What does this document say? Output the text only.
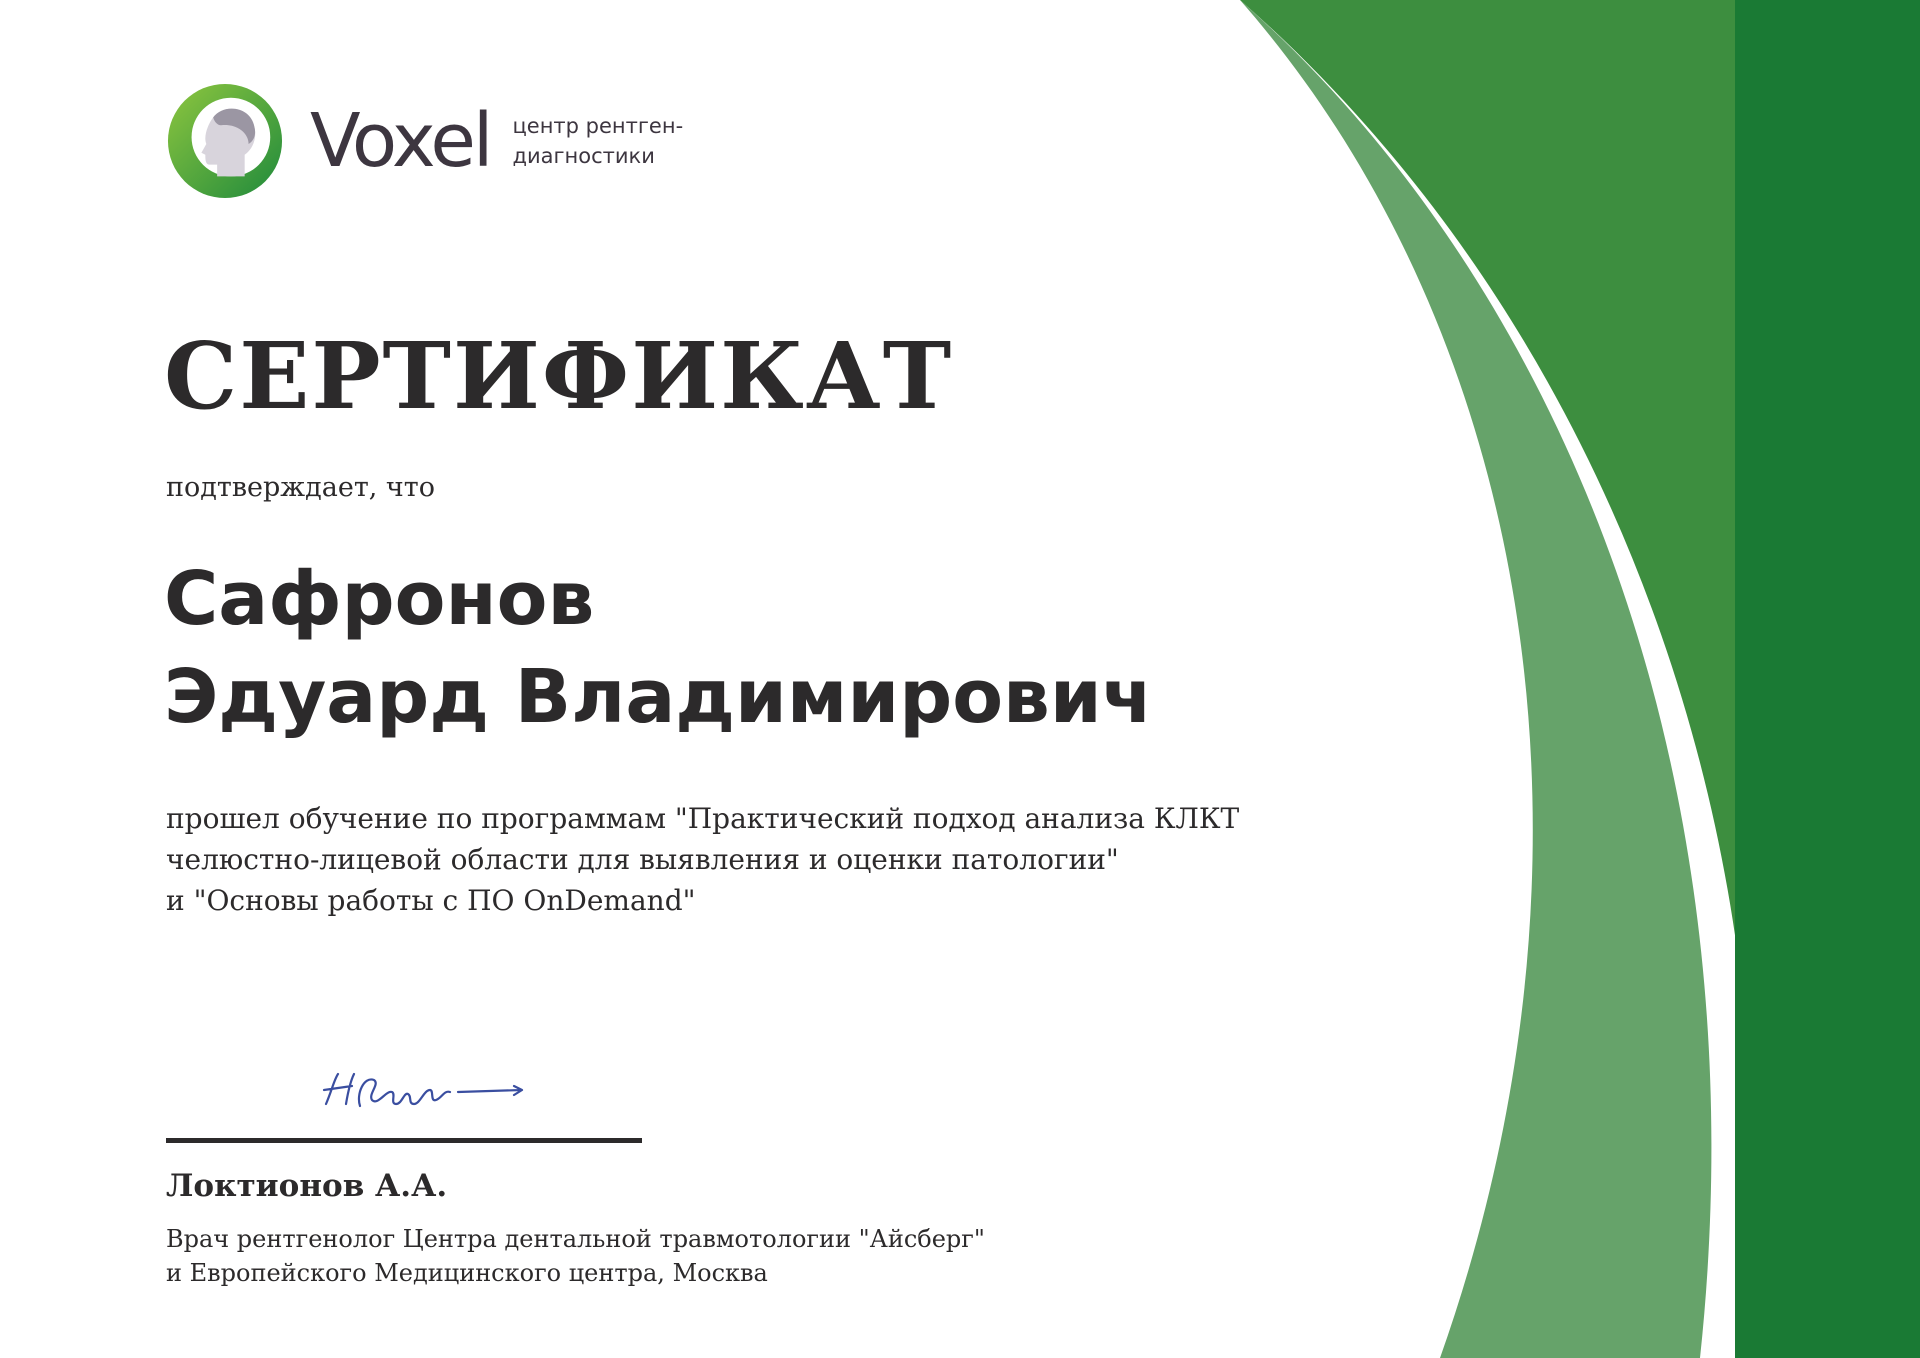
Voxel центр рентген-
диагностики
СЕРТИФИКАТ
подтверждает, что
Сафронов
Эдуард Владимирович
прошел обучение по программам "Практический подход анализа КЛКТ
челюстно-лицевой области для выявления и оценки патологии"
и "Основы работы с ПО OnDemand"
Локтионов А.А.
Врач рентгенолог Центра дентальной травмотологии "Айсберг"
и Европейского Медицинского центра, Москва
